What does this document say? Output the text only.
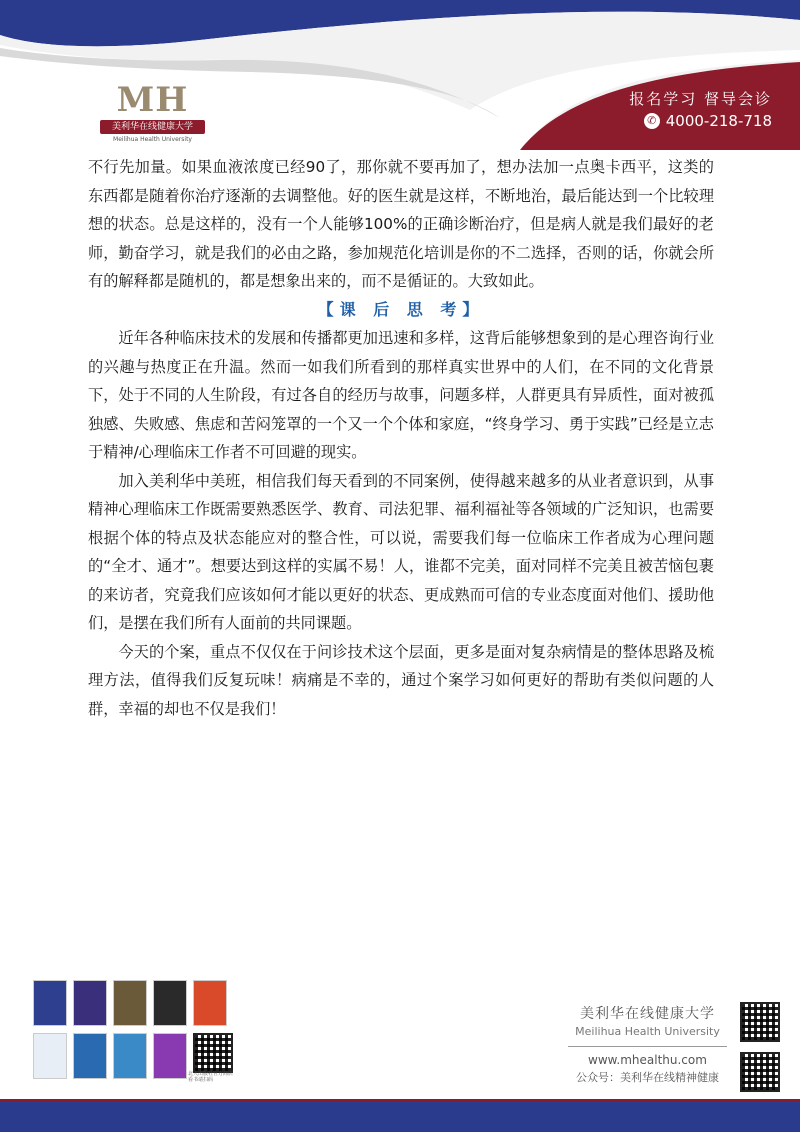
MH
美利华在线健康大学
Meilihua Health University
报名学习 督导会诊
✆ 4000-218-718

不行先加量。如果血液浓度已经90了，那你就不要再加了，想办法加一点奥卡西平，这类的东西都是随着你治疗逐渐的去调整他。好的医生就是这样，不断地治，最后能达到一个比较理想的状态。总是这样的，没有一个人能够100%的正确诊断治疗，但是病人就是我们最好的老师，勤奋学习，就是我们的必由之路，参加规范化培训是你的不二选择，否则的话，你就会所有的解释都是随机的，都是想象出来的，而不是循证的。大致如此。

【课 后 思 考】

近年各种临床技术的发展和传播都更加迅速和多样，这背后能够想象到的是心理咨询行业的兴趣与热度正在升温。然而一如我们所看到的那样真实世界中的人们，在不同的文化背景下，处于不同的人生阶段，有过各自的经历与故事，问题多样，人群更具有异质性，面对被孤独感、失败感、焦虑和苦闷笼罩的一个又一个个体和家庭，“终身学习、勇于实践”已经是立志于精神/心理临床工作者不可回避的现实。

加入美利华中美班，相信我们每天看到的不同案例，使得越来越多的从业者意识到，从事精神心理临床工作既需要熟悉医学、教育、司法犯罪、福利福祉等各领域的广泛知识，也需要根据个体的特点及状态能应对的整合性，可以说，需要我们每一位临床工作者成为心理问题的“全才、通才”。想要达到这样的实属不易！人，谁都不完美，面对同样不完美且被苦恼包裹的来访者，究竟我们应该如何才能以更好的状态、更成熟而可信的专业态度面对他们、援助他们，是摆在我们所有人面前的共同课题。

今天的个案，重点不仅仅在于问诊技术这个层面，更多是面对复杂病情是的整体思路及梳理方法，值得我们反复玩味！病痛是不幸的，通过个案学习如何更好的帮助有类似问题的人群，幸福的却也不仅是我们！

北大出版社官方商店 看书请扫码
美利华在线健康大学
Meilihua Health University
www.mhealthu.com
公众号：美利华在线精神健康
